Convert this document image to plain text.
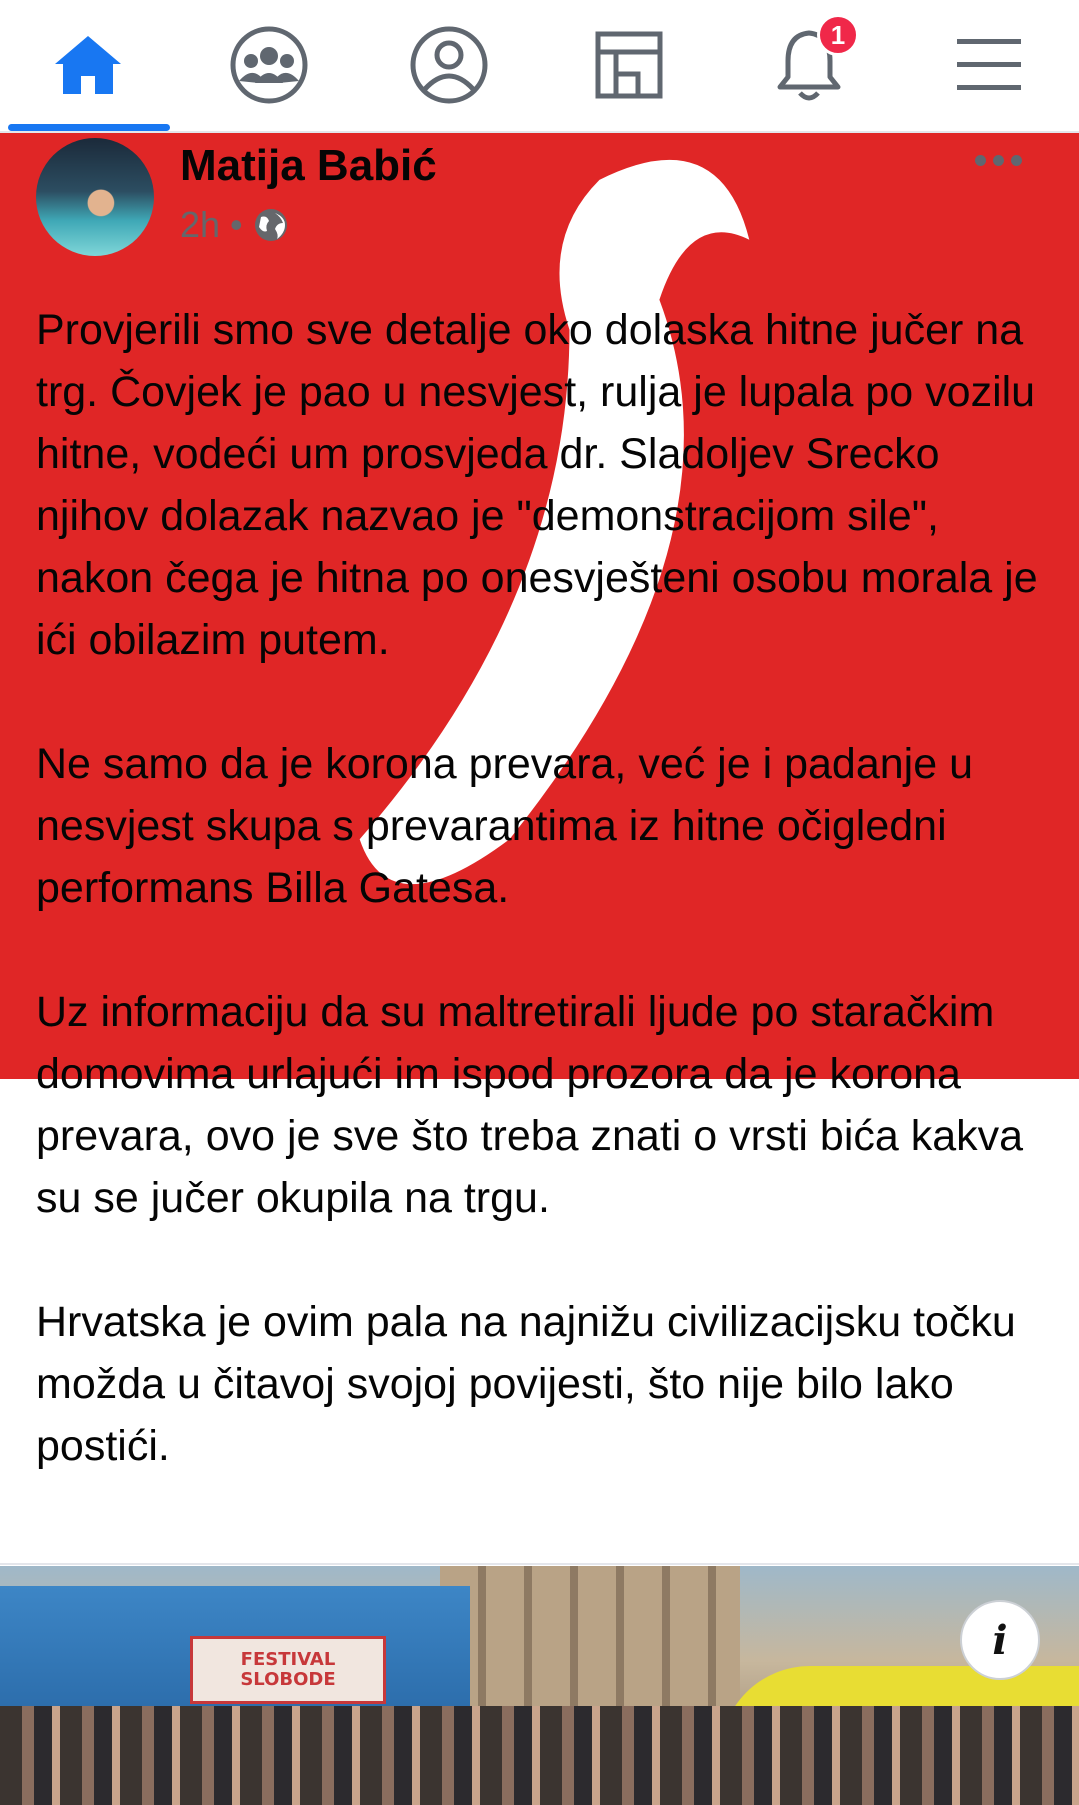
1
Matija Babić
2h •

Provjerili smo sve detalje oko dolaska hitne jučer na trg. Čovjek je pao u nesvjest, rulja je lupala po vozilu hitne, vodeći um prosvjeda dr. Sladoljev Srecko njihov dolazak nazvao je "demonstracijom sile", nakon čega je hitna po onesvješteni osobu morala je ići obilazim putem.

Ne samo da je korona prevara, već je i padanje u nesvjest skupa s prevarantima iz hitne očigledni performans Billa Gatesa.

Uz informaciju da su maltretirali ljude po staračkim domovima urlajući im ispod prozora da je korona prevara, ovo je sve što treba znati o vrsti bića kakva su se jučer okupila na trgu.

Hrvatska je ovim pala na najnižu civilizacijsku točku možda u čitavoj svojoj povijesti, što nije bilo lako postići.

FESTIVAL
SLOBODE
i
